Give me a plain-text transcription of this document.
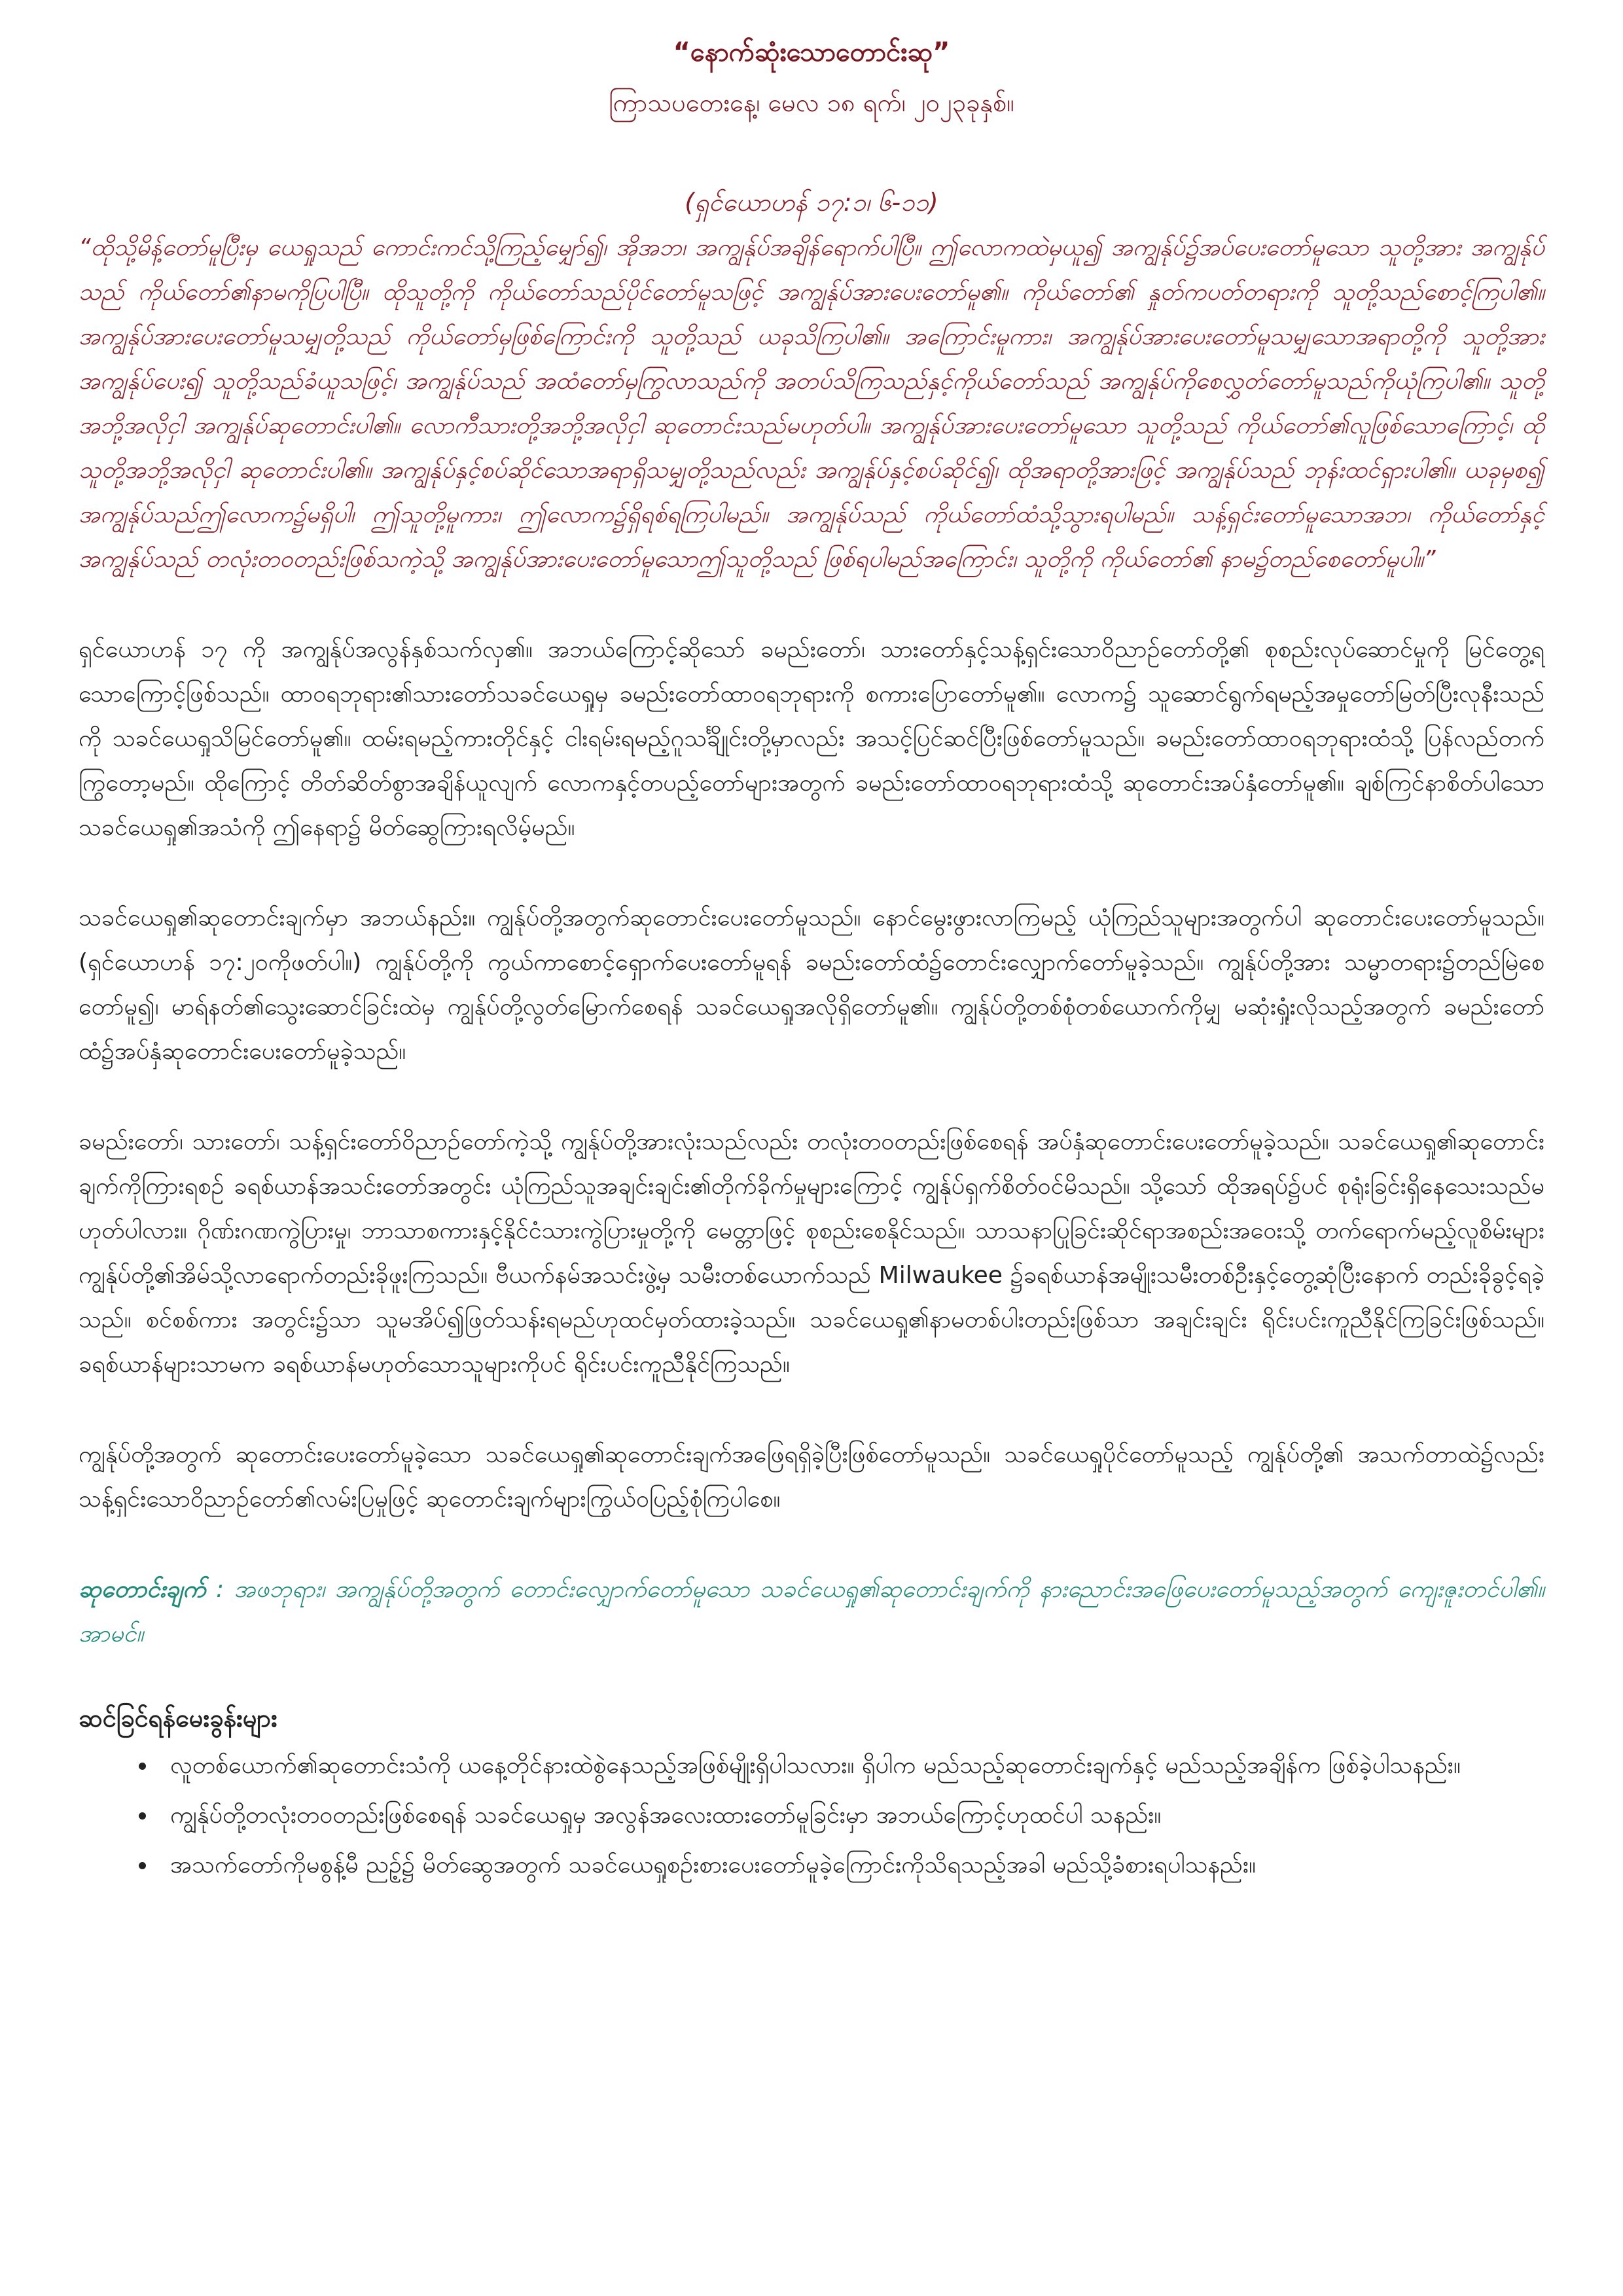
“နောက်ဆုံးသောတောင်းဆု”
ကြာသပတေးနေ့၊ မေလ ၁၈ ရက်၊ ၂၀၂၃ခုနှစ်။
(ရှင်ယောဟန် ၁၇:၁၊ ၆-၁၁)
“ထိုသို့မိန့်တော်မူပြီးမှ ယေရှုသည် ကောင်းကင်သို့ကြည့်မျှော်၍၊ အိုအဘ၊ အကျွန်ုပ်အချိန်ရောက်ပါပြီ။ ဤလောကထဲမှယူ၍ အကျွန်ုပ်၌အပ်ပေးတော်မူသော သူတို့အား အကျွန်ုပ်သည် ကိုယ်တော်၏နာမကိုပြပါပြီ။ ထိုသူတို့ကို ကိုယ်တော်သည်ပိုင်တော်မူသဖြင့် အကျွန်ုပ်အားပေးတော်မူ၏။ ကိုယ်တော်၏ နှုတ်ကပတ်တရားကို သူတို့သည်စောင့်ကြပါ၏။ အကျွန်ုပ်အားပေးတော်မူသမျှတို့သည် ကိုယ်တော်မှဖြစ်ကြောင်းကို သူတို့သည် ယခုသိကြပါ၏။ အကြောင်းမူကား၊ အကျွန်ုပ်အားပေးတော်မူသမျှသောအရာတို့ကို သူတို့အားအကျွန်ုပ်ပေး၍ သူတို့သည်ခံယူသဖြင့်၊ အကျွန်ုပ်သည် အထံတော်မှကြွလာသည်ကို အတပ်သိကြသည်နှင့်ကိုယ်တော်သည် အကျွန်ုပ်ကိုစေလွှတ်တော်မူသည်ကိုယုံကြပါ၏။ သူတို့အဘို့အလိုငှါ အကျွန်ုပ်ဆုတောင်းပါ၏။ လောကီသားတို့အဘို့အလိုငှါ ဆုတောင်းသည်မဟုတ်ပါ။ အကျွန်ုပ်အားပေးတော်မူသော သူတို့သည် ကိုယ်တော်၏လူဖြစ်သောကြောင့်၊ ထိုသူတို့အဘို့အလိုငှါ ဆုတောင်းပါ၏။ အကျွန်ုပ်နှင့်စပ်ဆိုင်သောအရာရှိသမျှတို့သည်လည်း အကျွန်ုပ်နှင့်စပ်ဆိုင်၍၊ ထိုအရာတို့အားဖြင့် အကျွန်ုပ်သည် ဘုန်းထင်ရှားပါ၏။ ယခုမှစ၍ အကျွန်ုပ်သည်ဤလောက၌မရှိပါ၊ ဤသူတို့မူကား၊ ဤလောက၌ရှိရစ်ရကြပါမည်။ အကျွန်ုပ်သည် ကိုယ်တော်ထံသို့သွားရပါမည်။ သန့်ရှင်းတော်မူသောအဘ၊ ကိုယ်တော်နှင့်အကျွန်ုပ်သည် တလုံးတဝတည်းဖြစ်သကဲ့သို့ အကျွန်ုပ်အားပေးတော်မူသောဤသူတို့သည် ဖြစ်ရပါမည်အကြောင်း၊ သူတို့ကို ကိုယ်တော်၏ နာမ၌တည်စေတော်မူပါ။”
ရှင်ယောဟန် ၁၇ ကို အကျွန်ုပ်အလွန်နှစ်သက်လှ၏။ အဘယ်ကြောင့်ဆိုသော် ခမည်းတော်၊ သားတော်နှင့်သန့်ရှင်းသောဝိညာဉ်တော်တို့၏ စုစည်းလုပ်ဆောင်မှုကို မြင်တွေ့ရသောကြောင့်ဖြစ်သည်။ ထာဝရဘုရား၏သားတော်သခင်ယေရှုမှ ခမည်းတော်ထာဝရဘုရားကို စကားပြောတော်မူ၏။ လောက၌ သူဆောင်ရွက်ရမည့်အမှုတော်မြတ်ပြီးလုနီးသည်ကို သခင်ယေရှုသိမြင်တော်မူ၏။ ထမ်းရမည့်ကားတိုင်နှင့် ငါးရမ်းရမည့်ဂူသင်္ချိုင်းတို့မှာလည်း အသင့်ပြင်ဆင်ပြီးဖြစ်တော်မူသည်။ ခမည်းတော်ထာဝရဘုရားထံသို့ ပြန်လည်တက်ကြွတော့မည်။ ထိုကြောင့် တိတ်ဆိတ်စွာအချိန်ယူလျက် လောကနှင့်တပည့်တော်များအတွက် ခမည်းတော်ထာဝရဘုရားထံသို့ ဆုတောင်းအပ်နှံတော်မူ၏။ ချစ်ကြင်နာစိတ်ပါသောသခင်ယေရှု၏အသံကို ဤနေရာ၌ မိတ်ဆွေကြားရလိမ့်မည်။
သခင်ယေရှု၏ဆုတောင်းချက်မှာ အဘယ်နည်း။ ကျွန်ုပ်တို့အတွက်ဆုတောင်းပေးတော်မူသည်။ နောင်မွေးဖွားလာကြမည့် ယုံကြည်သူများအတွက်ပါ ဆုတောင်းပေးတော်မူသည်။ (ရှင်ယောဟန် ၁၇:၂၀ကိုဖတ်ပါ။) ကျွန်ုပ်တို့ကို ကွယ်ကာစောင့်ရှောက်ပေးတော်မူရန် ခမည်းတော်ထံ၌တောင်းလျှောက်တော်မူခဲ့သည်။ ကျွန်ုပ်တို့အား သမ္မာတရား၌တည်မြဲစေတော်မူ၍၊ မာရ်နတ်၏သွေးဆောင်ခြင်းထဲမှ ကျွန်ုပ်တို့လွတ်မြောက်စေရန် သခင်ယေရှုအလိုရှိတော်မူ၏။ ကျွန်ုပ်တို့တစ်စုံတစ်ယောက်ကိုမျှ မဆုံးရှုံးလိုသည့်အတွက် ခမည်းတော်ထံ၌အပ်နှံဆုတောင်းပေးတော်မူခဲ့သည်။
ခမည်းတော်၊ သားတော်၊ သန့်ရှင်းတော်ဝိညာဉ်တော်ကဲ့သို့ ကျွန်ုပ်တို့အားလုံးသည်လည်း တလုံးတဝတည်းဖြစ်စေရန် အပ်နှံဆုတောင်းပေးတော်မူခဲ့သည်။ သခင်ယေရှု၏ဆုတောင်းချက်ကိုကြားရစဉ် ခရစ်ယာန်အသင်းတော်အတွင်း ယုံကြည်သူအချင်းချင်း၏တိုက်ခိုက်မှုများကြောင့် ကျွန်ုပ်ရှက်စိတ်ဝင်မိသည်။ သို့သော် ထိုအရပ်၌ပင် စုရုံးခြင်းရှိနေသေးသည်မဟုတ်ပါလား။ ဂိုဏ်းဂဏကွဲပြားမှု၊ ဘာသာစကားနှင့်နိုင်ငံသားကွဲပြားမှုတို့ကို မေတ္တာဖြင့် စုစည်းစေနိုင်သည်။ သာသနာပြုခြင်းဆိုင်ရာအစည်းအဝေးသို့ တက်ရောက်မည့်လူစိမ်းများ ကျွန်ုပ်တို့၏အိမ်သို့လာရောက်တည်းခိုဖူးကြသည်။ ဗီယက်နမ်အသင်းဖွဲ့မှ သမီးတစ်ယောက်သည် Milwaukee ၌ခရစ်ယာန်အမျိုးသမီးတစ်ဦးနှင့်တွေ့ဆုံပြီးနောက် တည်းခိုခွင့်ရခဲ့သည်။ စင်စစ်ကား အတွင်း၌သာ သူမအိပ်၍ဖြတ်သန်းရမည်ဟုထင်မှတ်ထားခဲ့သည်။ သခင်ယေရှု၏နာမတစ်ပါးတည်းဖြစ်သာ အချင်းချင်း ရိုင်းပင်းကူညီနိုင်ကြခြင်းဖြစ်သည်။ ခရစ်ယာန်များသာမက ခရစ်ယာန်မဟုတ်သောသူများကိုပင် ရိုင်းပင်းကူညီနိုင်ကြသည်။
ကျွန်ုပ်တို့အတွက် ဆုတောင်းပေးတော်မူခဲ့သော သခင်ယေရှု၏ဆုတောင်းချက်အဖြေရရှိခဲ့ပြီးဖြစ်တော်မူသည်။ သခင်ယေရှုပိုင်တော်မူသည့် ကျွန်ုပ်တို့၏ အသက်တာထဲ၌လည်း သန့်ရှင်းသောဝိညာဉ်တော်၏လမ်းပြမှုဖြင့် ဆုတောင်းချက်များကြွယ်ဝပြည့်စုံကြပါစေ။
ဆုတောင်းချက် : အဖဘုရား၊ အကျွန်ုပ်တို့အတွက် တောင်းလျှောက်တော်မူသော သခင်ယေရှု၏ဆုတောင်းချက်ကို နားညောင်းအဖြေပေးတော်မူသည့်အတွက် ကျေးဇူးတင်ပါ၏။ အာမင်။
ဆင်ခြင်ရန်မေးခွန်းများ
• လူတစ်ယောက်၏ဆုတောင်းသံကို ယနေ့တိုင်နားထဲစွဲနေသည့်အဖြစ်မျိုးရှိပါသလား။ ရှိပါက မည်သည့်ဆုတောင်းချက်နှင့် မည်သည့်အချိန်က ဖြစ်ခဲ့ပါသနည်း။
• ကျွန်ုပ်တို့တလုံးတဝတည်းဖြစ်စေရန် သခင်ယေရှုမှ အလွန်အလေးထားတော်မူခြင်းမှာ အဘယ်ကြောင့်ဟုထင်ပါ သနည်း။
• အသက်တော်ကိုမစွန့်မီ ညဥ့်၌ မိတ်ဆွေအတွက် သခင်ယေရှုစဉ်းစားပေးတော်မူခဲ့ကြောင်းကိုသိရသည့်အခါ မည်သို့ခံစားရပါသနည်း။
